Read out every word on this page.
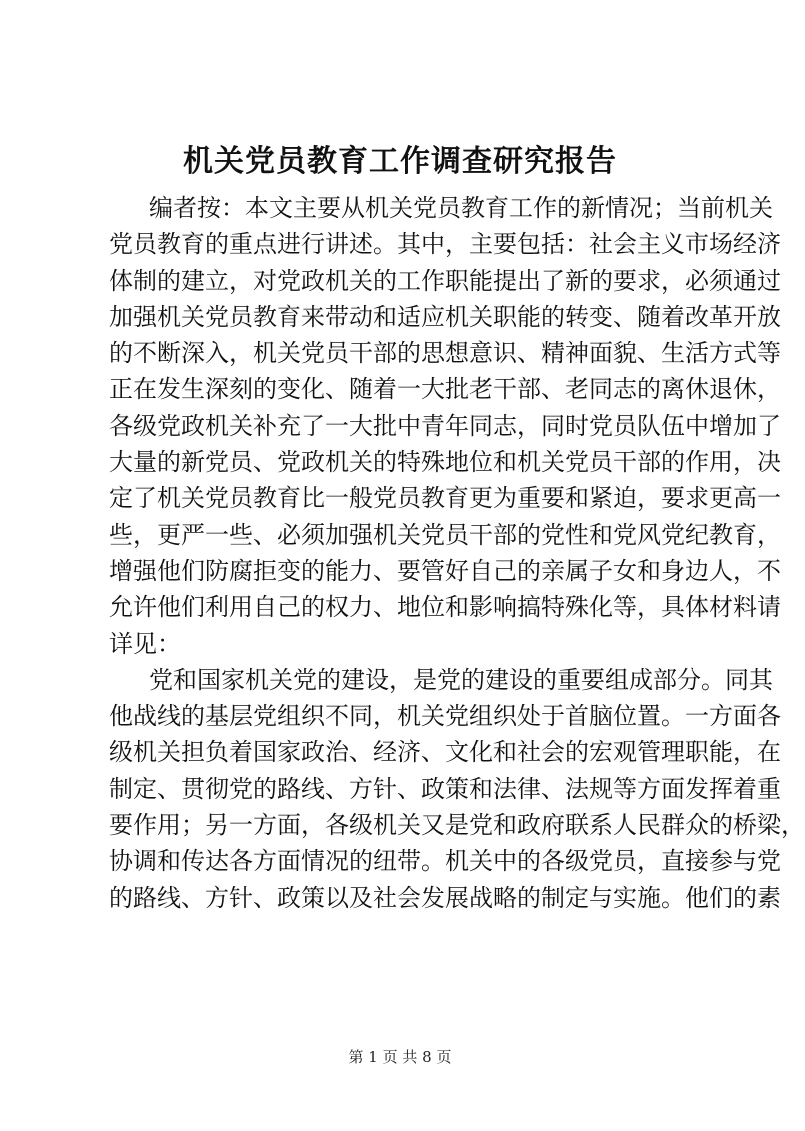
机关党员教育工作调查研究报告
编者按：本文主要从机关党员教育工作的新情况；当前机关
党员教育的重点进行讲述。其中，主要包括：社会主义市场经济
体制的建立，对党政机关的工作职能提出了新的要求，必须通过
加强机关党员教育来带动和适应机关职能的转变、随着改革开放
的不断深入，机关党员干部的思想意识、精神面貌、生活方式等
正在发生深刻的变化、随着一大批老干部、老同志的离休退休，
各级党政机关补充了一大批中青年同志，同时党员队伍中增加了
大量的新党员、党政机关的特殊地位和机关党员干部的作用，决
定了机关党员教育比一般党员教育更为重要和紧迫，要求更高一
些，更严一些、必须加强机关党员干部的党性和党风党纪教育，
增强他们防腐拒变的能力、要管好自己的亲属子女和身边人，不
允许他们利用自己的权力、地位和影响搞特殊化等，具体材料请
详见：
党和国家机关党的建设，是党的建设的重要组成部分。同其
他战线的基层党组织不同，机关党组织处于首脑位置。一方面各
级机关担负着国家政治、经济、文化和社会的宏观管理职能，在
制定、贯彻党的路线、方针、政策和法律、法规等方面发挥着重
要作用；另一方面，各级机关又是党和政府联系人民群众的桥梁，
协调和传达各方面情况的纽带。机关中的各级党员，直接参与党
的路线、方针、政策以及社会发展战略的制定与实施。他们的素
第 1 页 共 8 页
